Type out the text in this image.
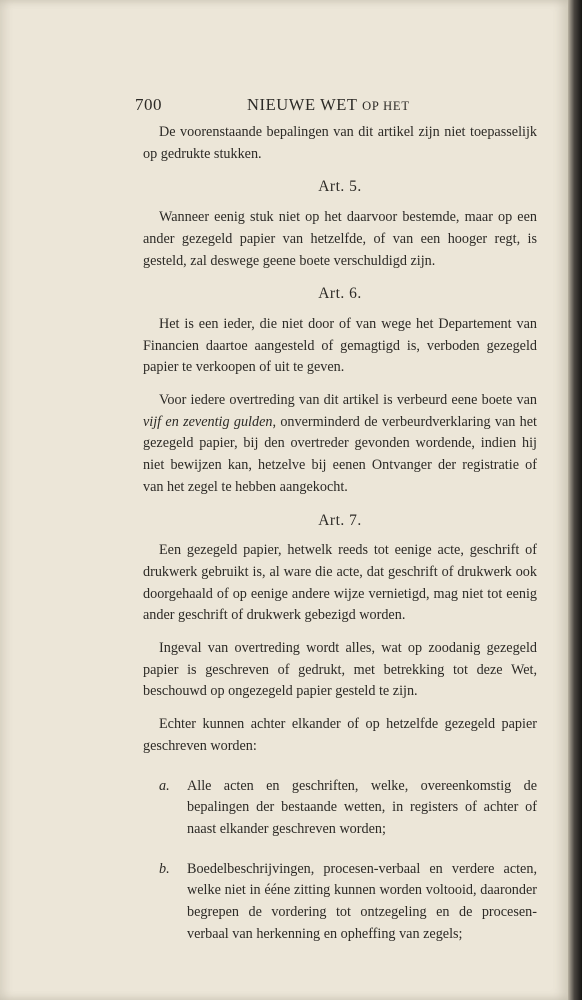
700	NIEUWE WET OP HET

De voorenstaande bepalingen van dit artikel zijn niet toepasselijk op gedrukte stukken.

Art. 5.

Wanneer eenig stuk niet op het daarvoor bestemde, maar op een ander gezegeld papier van hetzelfde, of van een hooger regt, is gesteld, zal deswege geene boete verschuldigd zijn.

Art. 6.

Het is een ieder, die niet door of van wege het Departement van Financien daartoe aangesteld of gemagtigd is, verboden gezegeld papier te verkoopen of uit te geven.

Voor iedere overtreding van dit artikel is verbeurd eene boete van vijf en zeventig gulden, onverminderd de verbeurdverklaring van het gezegeld papier, bij den overtreder gevonden wordende, indien hij niet bewijzen kan, hetzelve bij eenen Ontvanger der registratie of van het zegel te hebben aangekocht.

Art. 7.

Een gezegeld papier, hetwelk reeds tot eenige acte, geschrift of drukwerk gebruikt is, al ware die acte, dat geschrift of drukwerk ook doorgehaald of op eenige andere wijze vernietigd, mag niet tot eenig ander geschrift of drukwerk gebezigd worden.

Ingeval van overtreding wordt alles, wat op zoodanig gezegeld papier is geschreven of gedrukt, met betrekking tot deze Wet, beschouwd op ongezegeld papier gesteld te zijn.

Echter kunnen achter elkander of op hetzelfde gezegeld papier geschreven worden:

a. Alle acten en geschriften, welke, overeenkomstig de bepalingen der bestaande wetten, in registers of achter of naast elkander geschreven worden;
b. Boedelbeschrijvingen, procesen-verbaal en verdere acten, welke niet in ééne zitting kunnen worden voltooid, daaronder begrepen de vordering tot ontzegeling en de procesen-verbaal van herkenning en opheffing van zegels;
